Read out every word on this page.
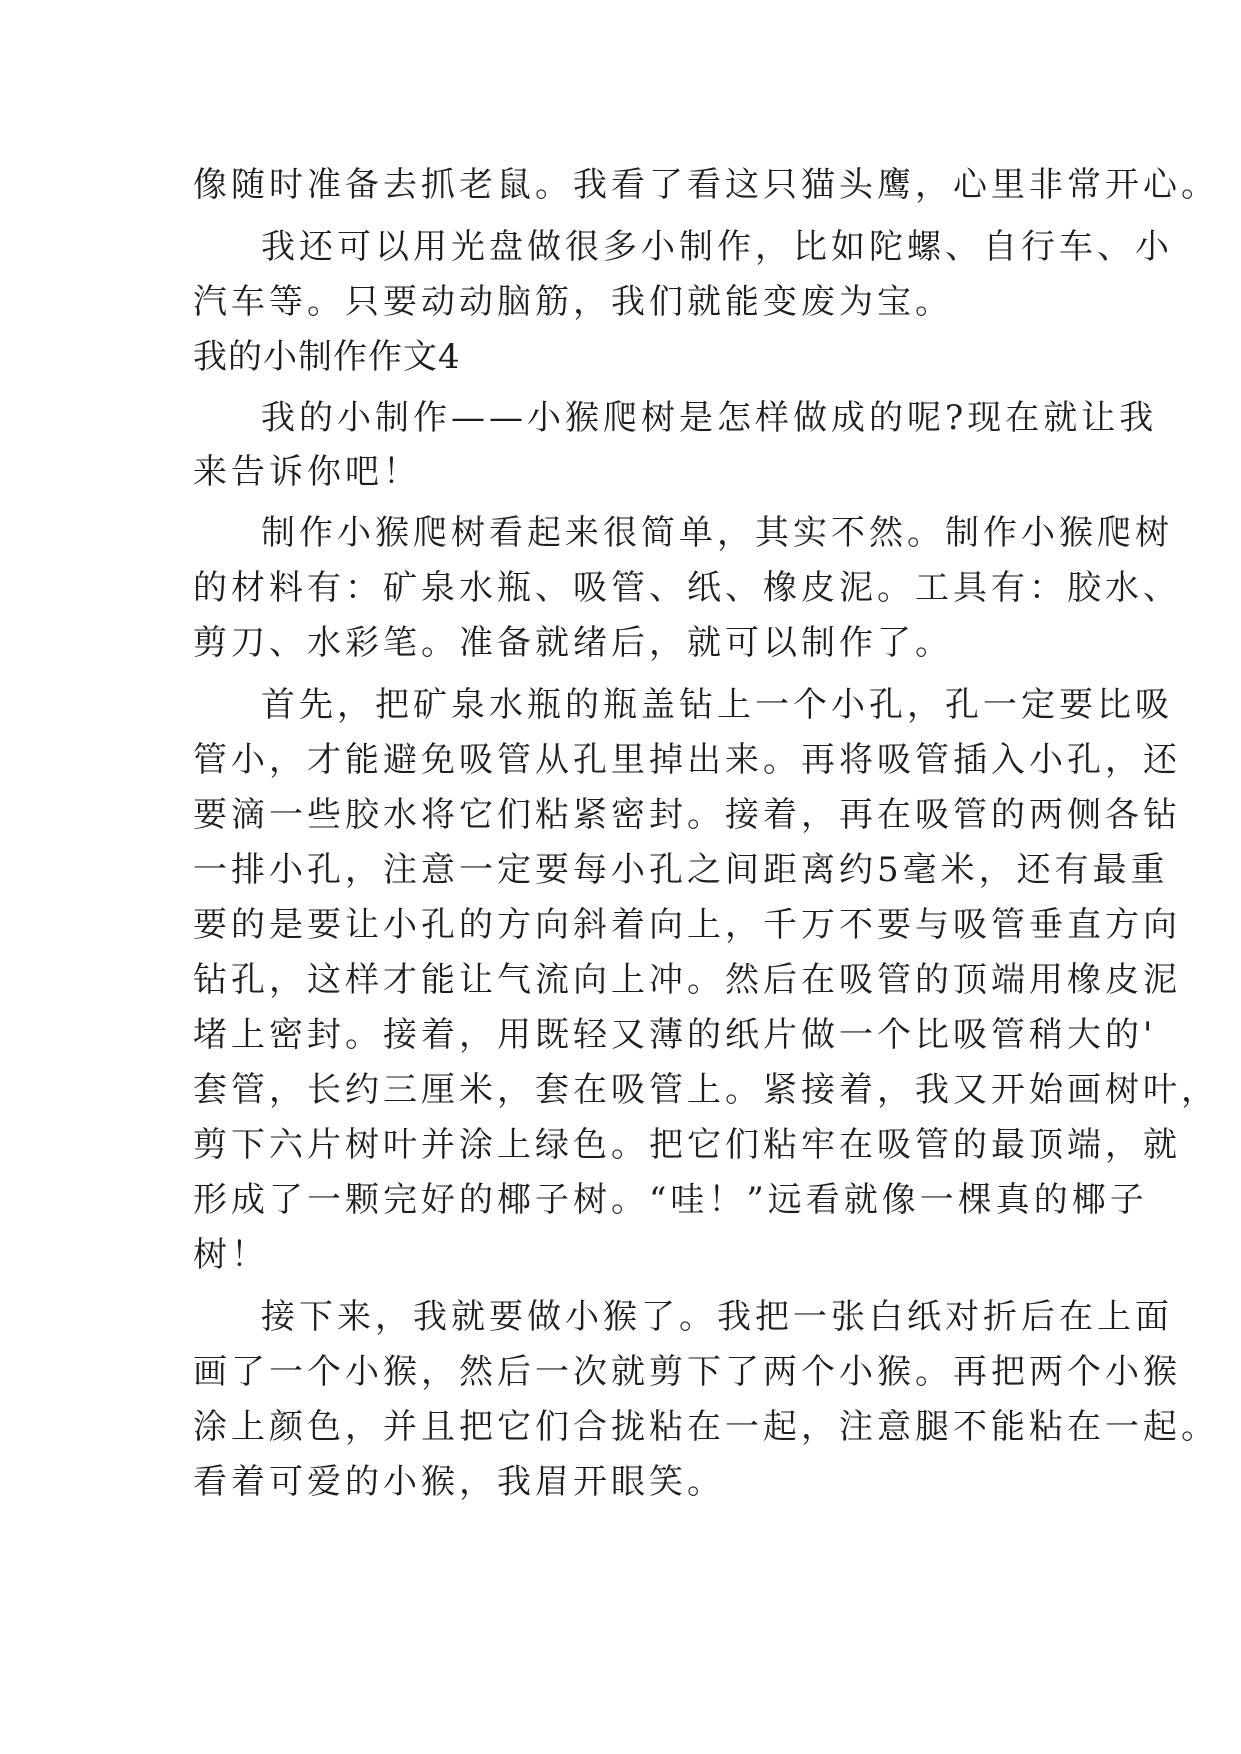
像随时准备去抓老鼠。我看了看这只猫头鹰，心里非常开心。
我还可以用光盘做很多小制作，比如陀螺、自行车、小
汽车等。只要动动脑筋，我们就能变废为宝。
我的小制作作文4
我的小制作——小猴爬树是怎样做成的呢?现在就让我
来告诉你吧！
制作小猴爬树看起来很简单，其实不然。制作小猴爬树
的材料有：矿泉水瓶、吸管、纸、橡皮泥。工具有：胶水、
剪刀、水彩笔。准备就绪后，就可以制作了。
首先，把矿泉水瓶的瓶盖钻上一个小孔，孔一定要比吸
管小，才能避免吸管从孔里掉出来。再将吸管插入小孔，还
要滴一些胶水将它们粘紧密封。接着，再在吸管的两侧各钻
一排小孔，注意一定要每小孔之间距离约5毫米，还有最重
要的是要让小孔的方向斜着向上，千万不要与吸管垂直方向
钻孔，这样才能让气流向上冲。然后在吸管的顶端用橡皮泥
堵上密封。接着，用既轻又薄的纸片做一个比吸管稍大的'
套管，长约三厘米，套在吸管上。紧接着，我又开始画树叶，
剪下六片树叶并涂上绿色。把它们粘牢在吸管的最顶端，就
形成了一颗完好的椰子树。“哇！”远看就像一棵真的椰子
树！
接下来，我就要做小猴了。我把一张白纸对折后在上面
画了一个小猴，然后一次就剪下了两个小猴。再把两个小猴
涂上颜色，并且把它们合拢粘在一起，注意腿不能粘在一起。
看着可爱的小猴，我眉开眼笑。
